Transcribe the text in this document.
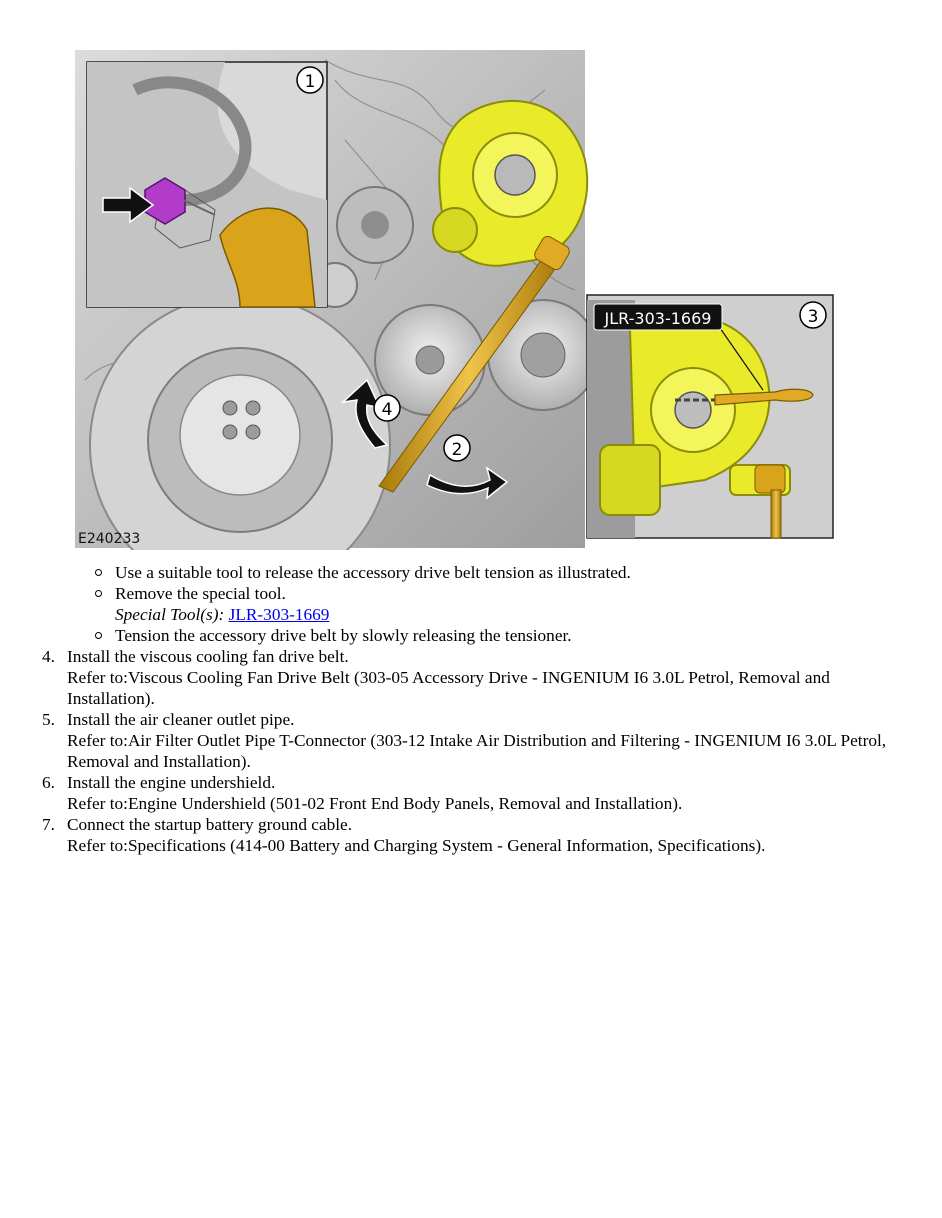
4
2
E240233
1
JLR-303-1669	3
Use a suitable tool to release the accessory drive belt tension as illustrated.
Remove the special tool.
Special Tool(s): JLR-303-1669
Tension the accessory drive belt by slowly releasing the tensioner.
4. Install the viscous cooling fan drive belt.
Refer to:Viscous Cooling Fan Drive Belt (303-05 Accessory Drive - INGENIUM I6 3.0L Petrol, Removal and Installation).
5. Install the air cleaner outlet pipe.
Refer to:Air Filter Outlet Pipe T-Connector (303-12 Intake Air Distribution and Filtering - INGENIUM I6 3.0L Petrol, Removal and Installation).
6. Install the engine undershield.
Refer to:Engine Undershield (501-02 Front End Body Panels, Removal and Installation).
7. Connect the startup battery ground cable.
Refer to:Specifications (414-00 Battery and Charging System - General Information, Specifications).
